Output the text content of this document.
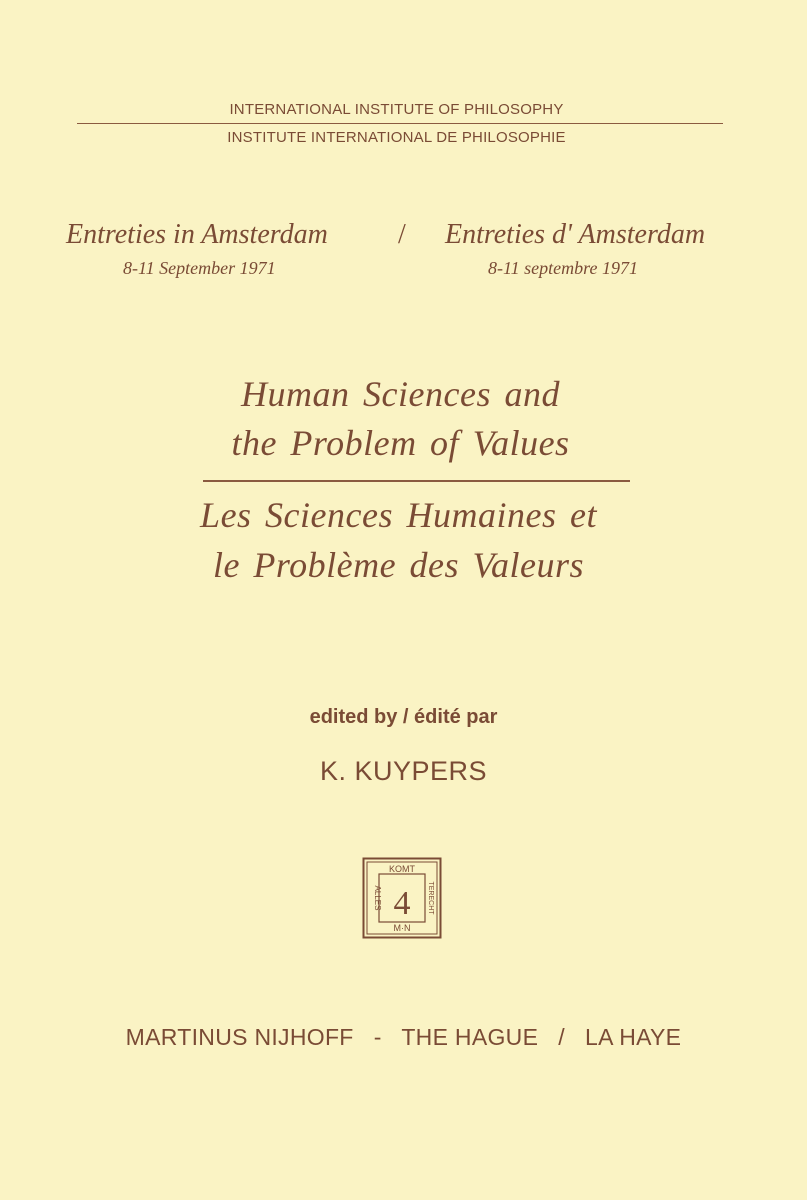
INTERNATIONAL INSTITUTE OF PHILOSOPHY
INSTITUTE INTERNATIONAL DE PHILOSOPHIE
Entreties in Amsterdam	/ Entreties d' Amsterdam
8-11 September 1971	8-11 septembre 1971
Human Sciences and
the Problem of Values
Les Sciences Humaines et
le Problème des Valeurs
edited by / édité par
K. KUYPERS
KOMT
M·N
ALLES	TERECHT
4
MARTINUS NIJHOFF   -   THE HAGUE   /   LA HAYE
